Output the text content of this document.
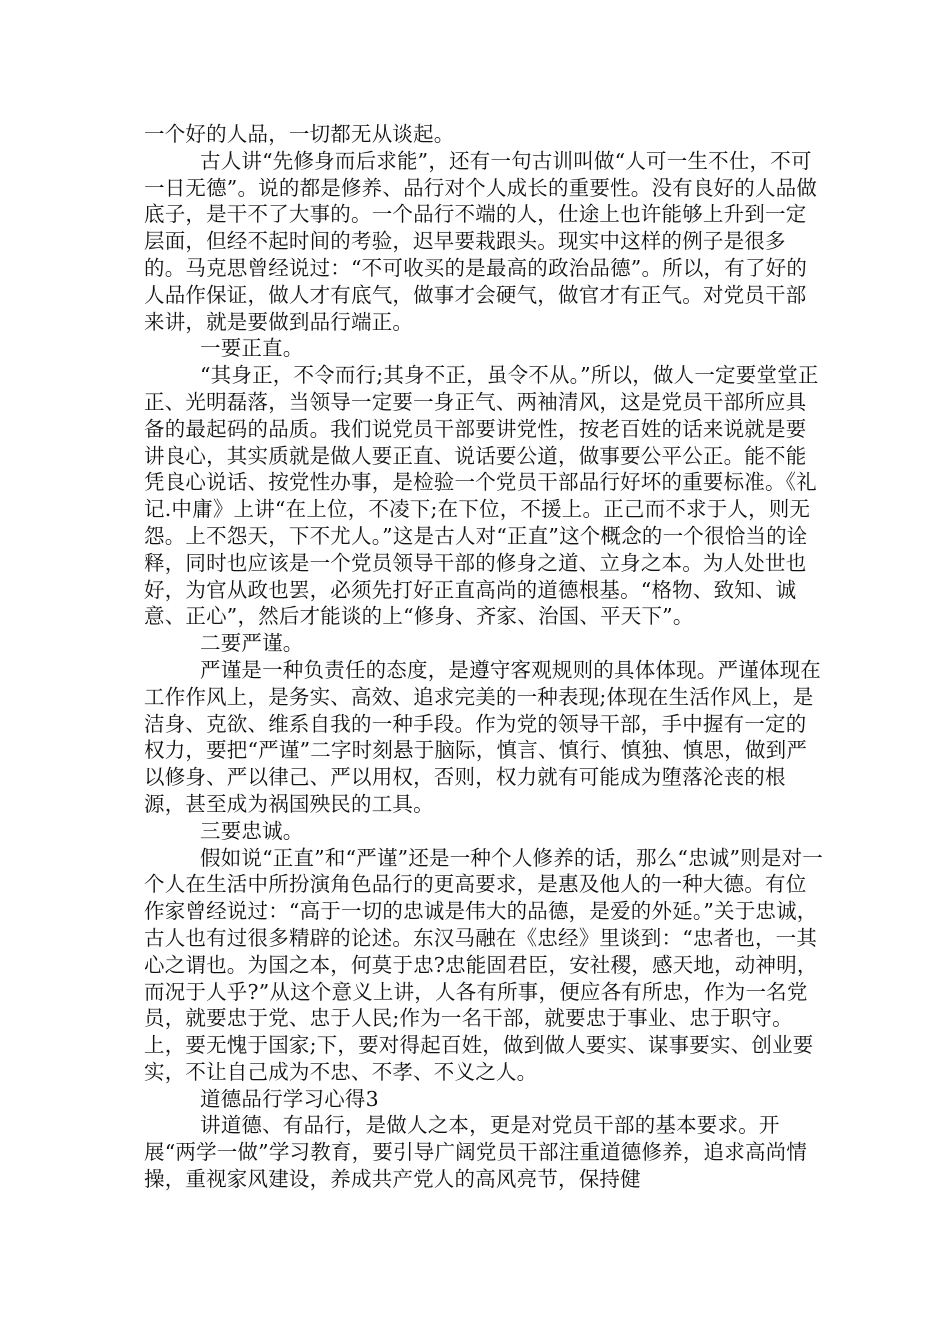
一个好的人品，一切都无从谈起。

古人讲“先修身而后求能”，还有一句古训叫做“人可一生不仕，不可一日无德”。说的都是修养、品行对个人成长的重要性。没有良好的人品做底子，是干不了大事的。一个品行不端的人，仕途上也许能够上升到一定层面，但经不起时间的考验，迟早要栽跟头。现实中这样的例子是很多的。马克思曾经说过：“不可收买的是最高的政治品德”。所以，有了好的人品作保证，做人才有底气，做事才会硬气，做官才有正气。对党员干部来讲，就是要做到品行端正。

一要正直。

“其身正，不令而行;其身不正，虽令不从。”所以，做人一定要堂堂正正、光明磊落，当领导一定要一身正气、两袖清风，这是党员干部所应具备的最起码的品质。我们说党员干部要讲党性，按老百姓的话来说就是要讲良心，其实质就是做人要正直、说话要公道，做事要公平公正。能不能凭良心说话、按党性办事，是检验一个党员干部品行好坏的重要标准。《礼记.中庸》上讲“在上位，不凌下;在下位，不援上。正己而不求于人，则无怨。上不怨天，下不尤人。”这是古人对“正直”这个概念的一个很恰当的诠释，同时也应该是一个党员领导干部的修身之道、立身之本。为人处世也好，为官从政也罢，必须先打好正直高尚的道德根基。“格物、致知、诚意、正心”，然后才能谈的上“修身、齐家、治国、平天下”。

二要严谨。

严谨是一种负责任的态度，是遵守客观规则的具体体现。严谨体现在工作作风上，是务实、高效、追求完美的一种表现;体现在生活作风上，是洁身、克欲、维系自我的一种手段。作为党的领导干部，手中握有一定的权力，要把“严谨”二字时刻悬于脑际，慎言、慎行、慎独、慎思，做到严以修身、严以律己、严以用权，否则，权力就有可能成为堕落沦丧的根源，甚至成为祸国殃民的工具。

三要忠诚。

假如说“正直”和“严谨”还是一种个人修养的话，那么“忠诚”则是对一个人在生活中所扮演角色品行的更高要求，是惠及他人的一种大德。有位作家曾经说过：“高于一切的忠诚是伟大的品德，是爱的外延。”关于忠诚，古人也有过很多精辟的论述。东汉马融在《忠经》里谈到：“忠者也，一其心之谓也。为国之本，何莫于忠?忠能固君臣，安社稷，感天地，动神明，而况于人乎?”从这个意义上讲，人各有所事，便应各有所忠，作为一名党员，就要忠于党、忠于人民;作为一名干部，就要忠于事业、忠于职守。上，要无愧于国家;下，要对得起百姓，做到做人要实、谋事要实、创业要实，不让自己成为不忠、不孝、不义之人。

道德品行学习心得3

讲道德、有品行，是做人之本，更是对党员干部的基本要求。开展“两学一做”学习教育，要引导广阔党员干部注重道德修养，追求高尚情操，重视家风建设，养成共产党人的高风亮节，保持健
